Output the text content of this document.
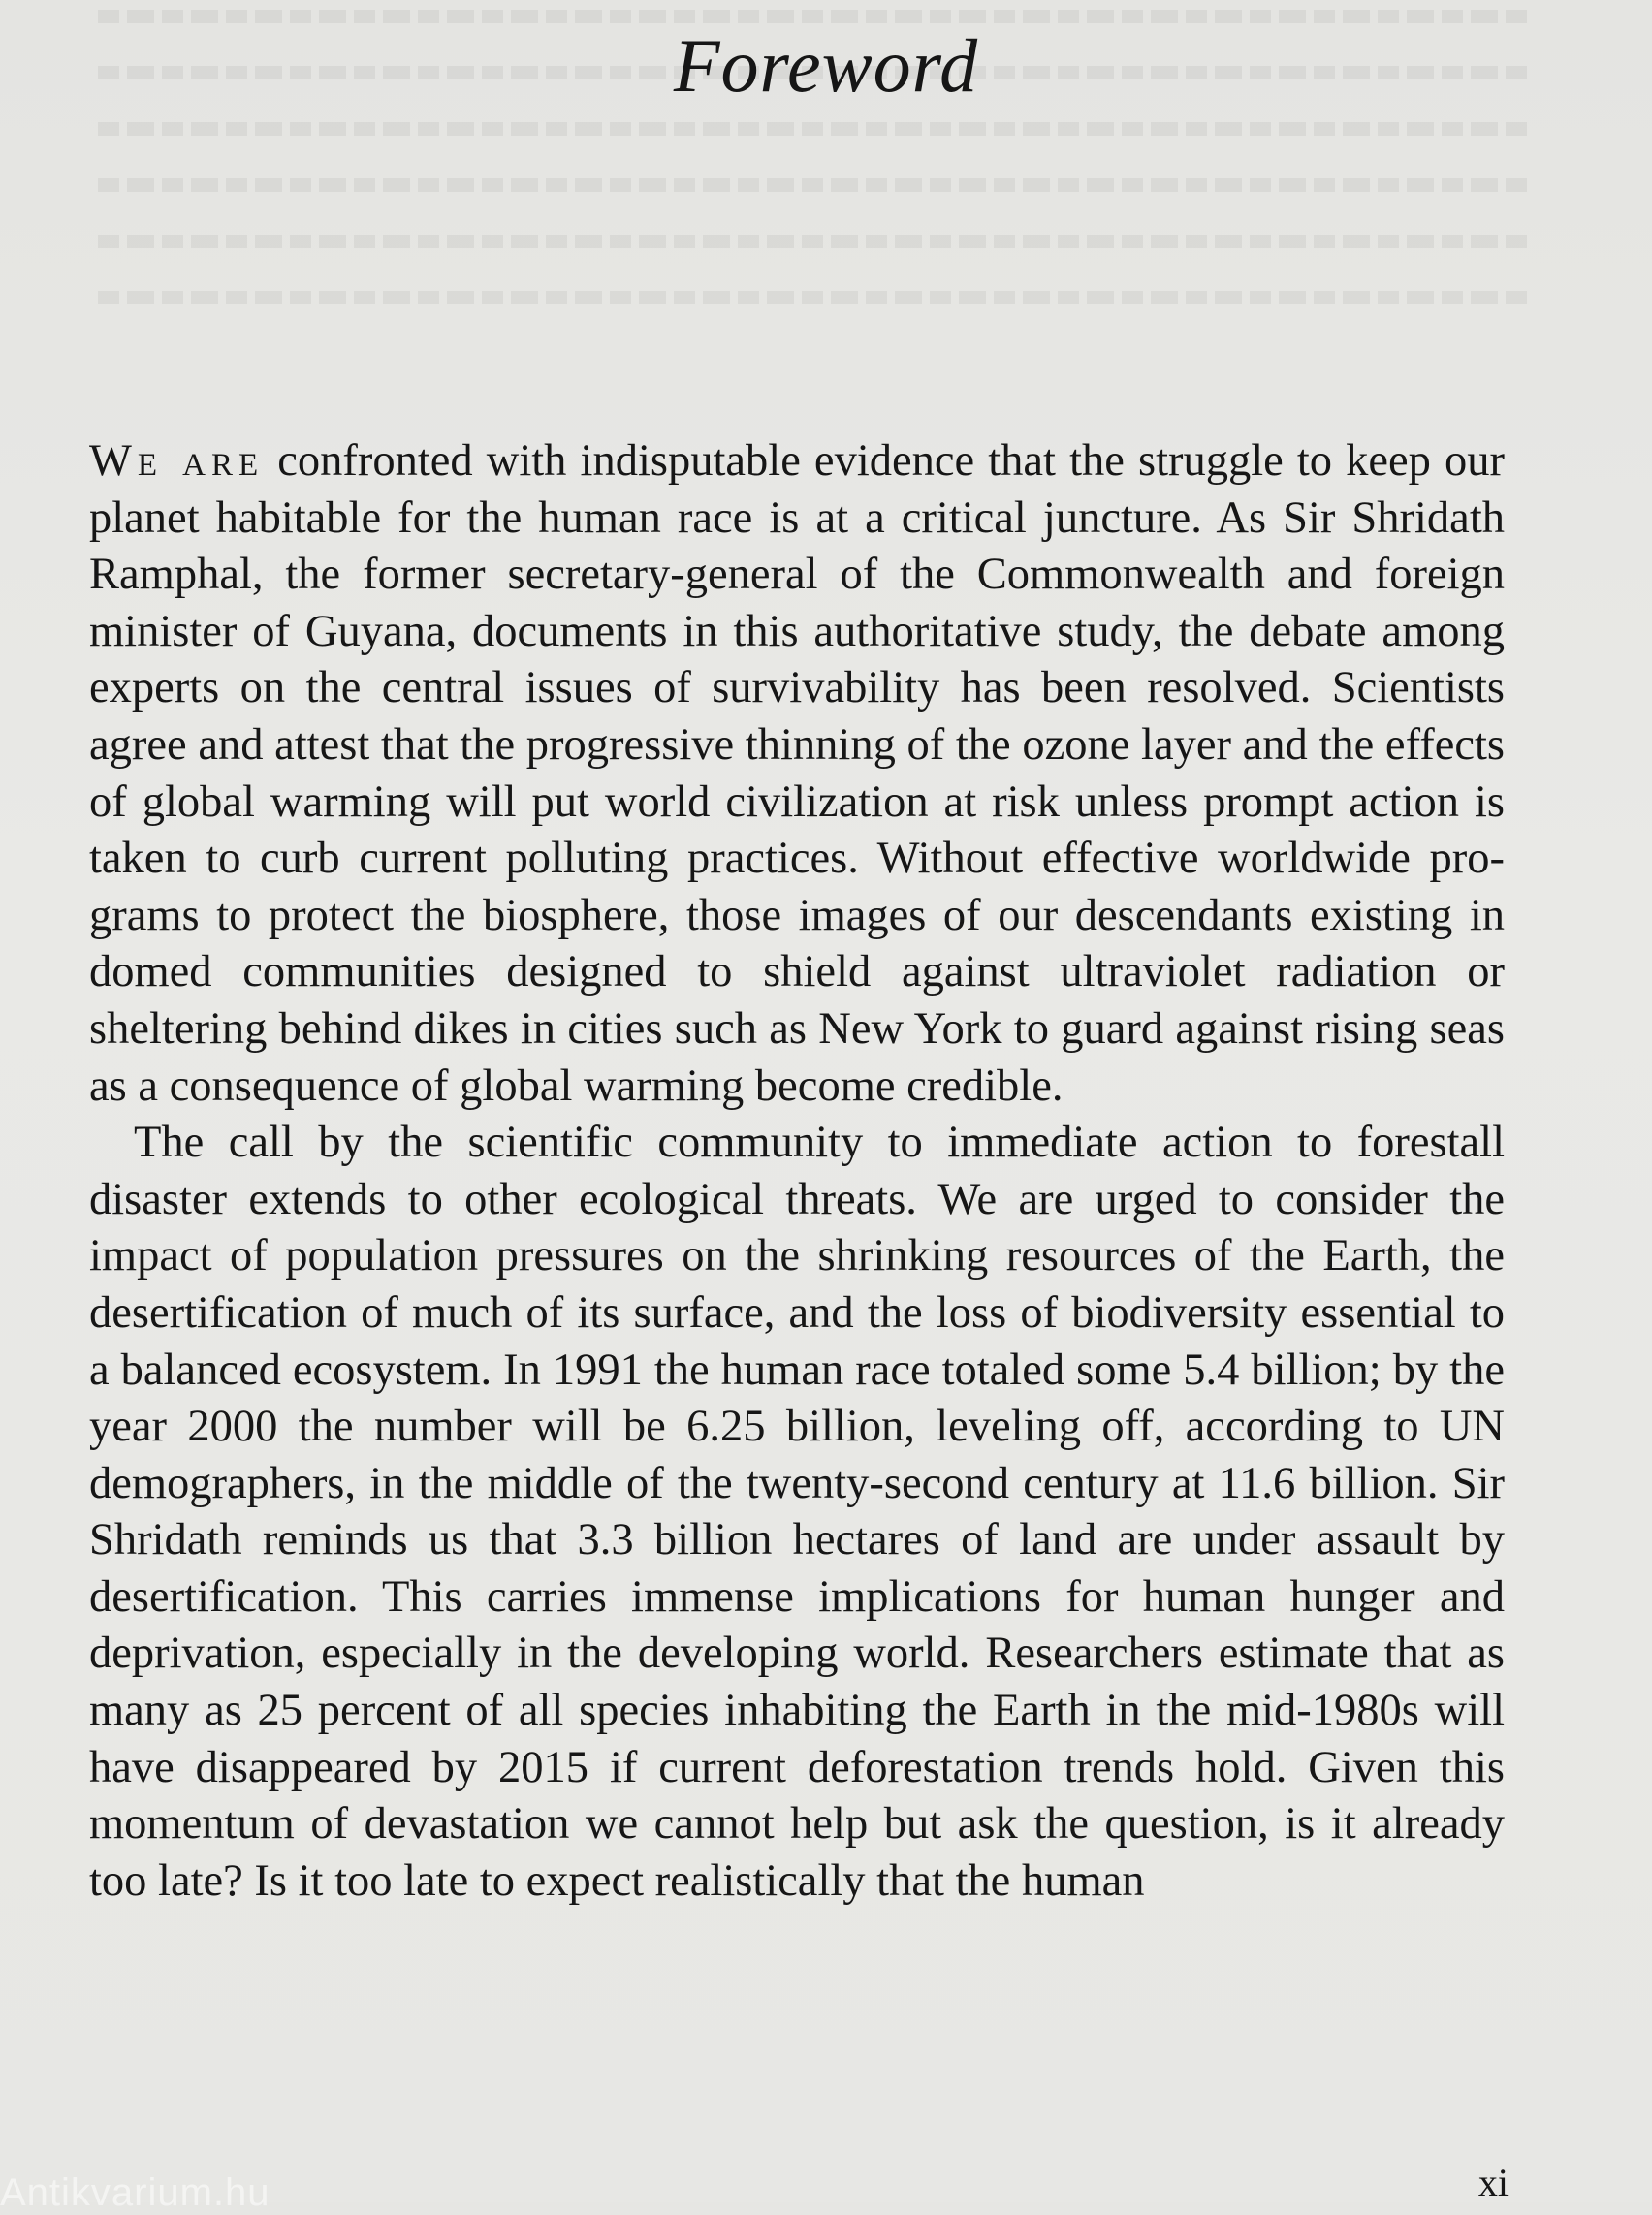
Foreword

We are confronted with indisputable evidence that the struggle to keep our planet habitable for the human race is at a critical juncture. As Sir Shridath Ramphal, the former secretary-general of the Commonwealth and foreign minister of Guyana, documents in this authoritative study, the debate among experts on the central issues of survivability has been resolved. Scientists agree and attest that the progressive thinning of the ozone layer and the effects of global warming will put world civilization at risk unless prompt action is taken to curb current polluting practices. Without effective worldwide programs to protect the biosphere, those images of our descendants existing in domed communities designed to shield against ultraviolet radiation or sheltering behind dikes in cities such as New York to guard against rising seas as a consequence of global warming become credible.

The call by the scientific community to immediate action to forestall disaster extends to other ecological threats. We are urged to consider the impact of population pressures on the shrinking resources of the Earth, the desertification of much of its surface, and the loss of biodiversity essential to a balanced ecosystem. In 1991 the human race totaled some 5.4 billion; by the year 2000 the number will be 6.25 billion, leveling off, according to UN demographers, in the middle of the twenty-second century at 11.6 billion. Sir Shridath reminds us that 3.3 billion hectares of land are under assault by desertification. This carries immense implications for human hunger and deprivation, especially in the developing world. Researchers estimate that as many as 25 percent of all species inhabiting the Earth in the mid-1980s will have disappeared by 2015 if current deforestation trends hold. Given this momentum of devastation we cannot help but ask the question, is it already too late? Is it too late to expect realistically that the human

xi
Antikvarium.hu
